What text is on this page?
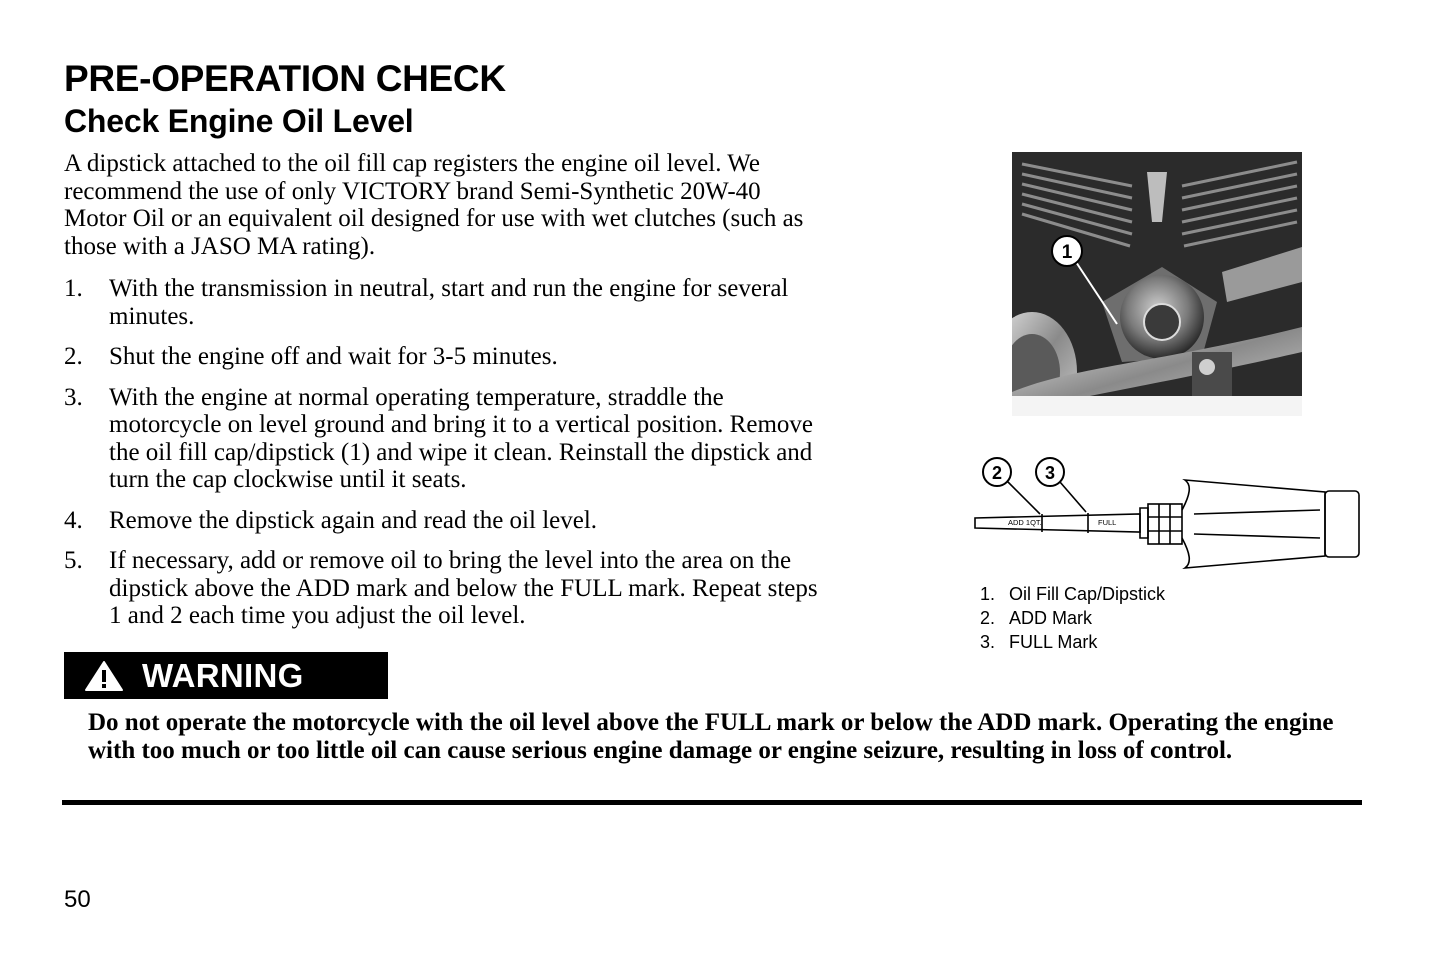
PRE-OPERATION CHECK
Check Engine Oil Level

A dipstick attached to the oil fill cap registers the engine oil level. We recommend the use of only VICTORY brand Semi-Synthetic 20W-40 Motor Oil or an equivalent oil designed for use with wet clutches (such as those with a JASO MA rating).

1.	With the transmission in neutral, start and run the engine for several minutes.
2.	Shut the engine off and wait for 3-5 minutes.
3.	With the engine at normal operating temperature, straddle the motorcycle on level ground and bring it to a vertical position. Remove the oil fill cap/dipstick (1) and wipe it clean. Reinstall the dipstick and turn the cap clockwise until it seats.
4.	Remove the dipstick again and read the oil level.
5.	If necessary, add or remove oil to bring the level into the area on the dipstick above the ADD mark and below the FULL mark. Repeat steps 1 and 2 each time you adjust the oil level.
1
ADD 1QT.	FULL
2 3
1. Oil Fill Cap/Dipstick
2. ADD Mark
3. FULL Mark
WARNING

Do not operate the motorcycle with the oil level above the FULL mark or below the ADD mark. Operating the engine with too much or too little oil can cause serious engine damage or engine seizure, resulting in loss of control.

50
